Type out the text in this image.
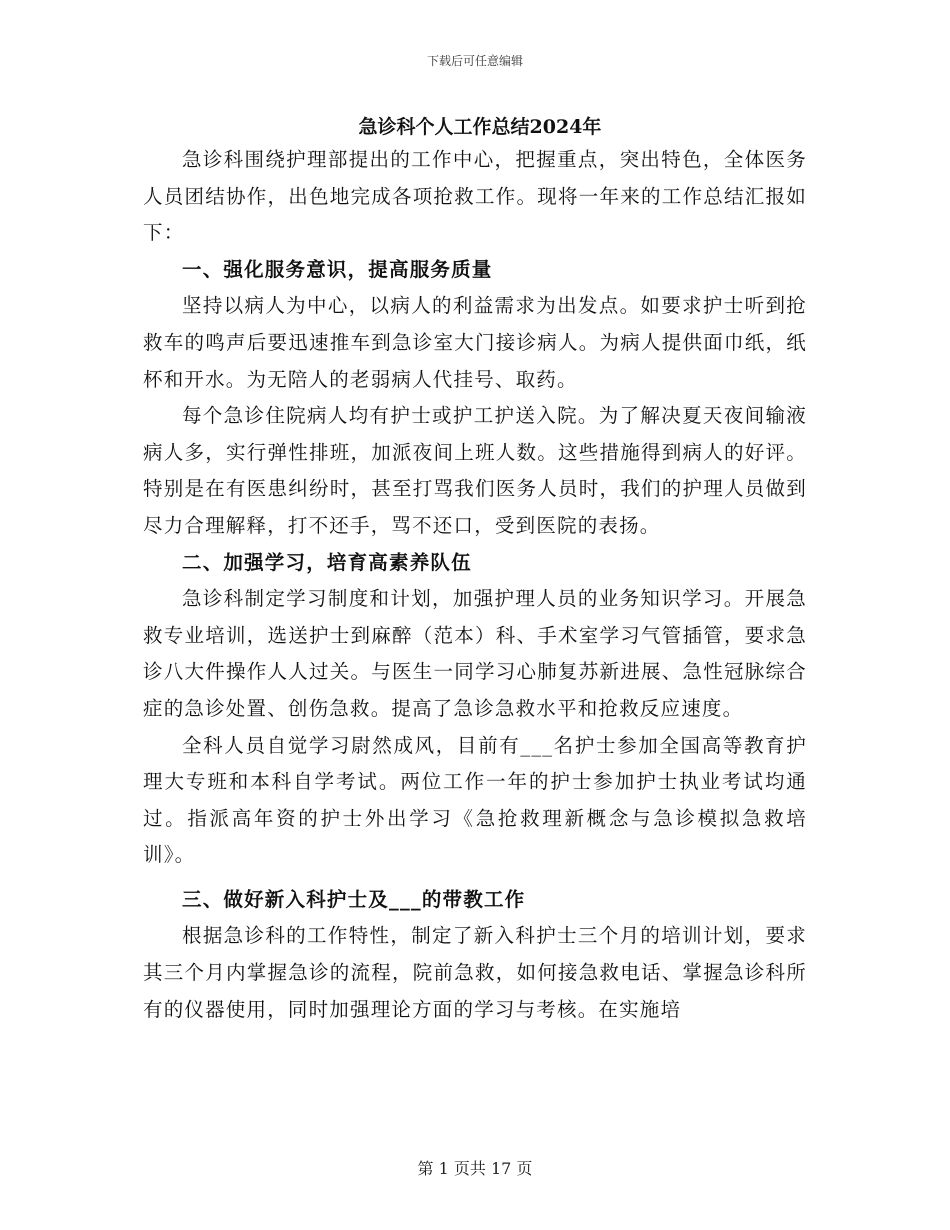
下载后可任意编辑
急诊科个人工作总结2024年

急诊科围绕护理部提出的工作中心，把握重点，突出特色，全体医务人员团结协作，出色地完成各项抢救工作。现将一年来的工作总结汇报如下：

一、强化服务意识，提高服务质量

坚持以病人为中心，以病人的利益需求为出发点。如要求护士听到抢救车的鸣声后要迅速推车到急诊室大门接诊病人。为病人提供面巾纸，纸杯和开水。为无陪人的老弱病人代挂号、取药。

每个急诊住院病人均有护士或护工护送入院。为了解决夏天夜间输液病人多，实行弹性排班，加派夜间上班人数。这些措施得到病人的好评。特别是在有医患纠纷时，甚至打骂我们医务人员时，我们的护理人员做到尽力合理解释，打不还手，骂不还口，受到医院的表扬。

二、加强学习，培育高素养队伍

急诊科制定学习制度和计划，加强护理人员的业务知识学习。开展急救专业培训，选送护士到麻醉（范本）科、手术室学习气管插管，要求急诊八大件操作人人过关。与医生一同学习心肺复苏新进展、急性冠脉综合症的急诊处置、创伤急救。提高了急诊急救水平和抢救反应速度。

全科人员自觉学习尉然成风，目前有___名护士参加全国高等教育护理大专班和本科自学考试。两位工作一年的护士参加护士执业考试均通过。指派高年资的护士外出学习《急抢救理新概念与急诊模拟急救培训》。

三、做好新入科护士及___的带教工作

根据急诊科的工作特性，制定了新入科护士三个月的培训计划，要求其三个月内掌握急诊的流程，院前急救，如何接急救电话、掌握急诊科所有的仪器使用，同时加强理论方面的学习与考核。在实施培

第 1 页共 17 页
